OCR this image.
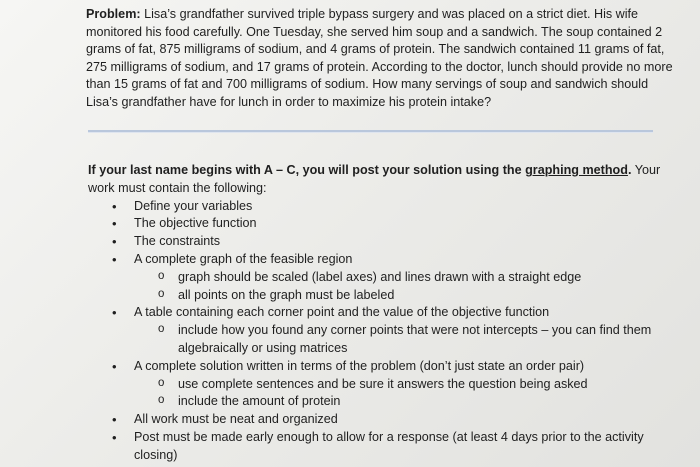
Problem: Lisa’s grandfather survived triple bypass surgery and was placed on a strict diet. His wife monitored his food carefully. One Tuesday, she served him soup and a sandwich. The soup contained 2 grams of fat, 875 milligrams of sodium, and 4 grams of protein. The sandwich contained 11 grams of fat, 275 milligrams of sodium, and 17 grams of protein. According to the doctor, lunch should provide no more than 15 grams of fat and 700 milligrams of sodium. How many servings of soup and sandwich should Lisa’s grandfather have for lunch in order to maximize his protein intake?
If your last name begins with A – C, you will post your solution using the graphing method. Your work must contain the following:
• Define your variables
• The objective function
• The constraints
• A complete graph of the feasible region
o graph should be scaled (label axes) and lines drawn with a straight edge
o all points on the graph must be labeled
• A table containing each corner point and the value of the objective function
o include how you found any corner points that were not intercepts – you can find them algebraically or using matrices
• A complete solution written in terms of the problem (don’t just state an order pair)
o use complete sentences and be sure it answers the question being asked
o include the amount of protein
• All work must be neat and organized
• Post must be made early enough to allow for a response (at least 4 days prior to the activity closing)
